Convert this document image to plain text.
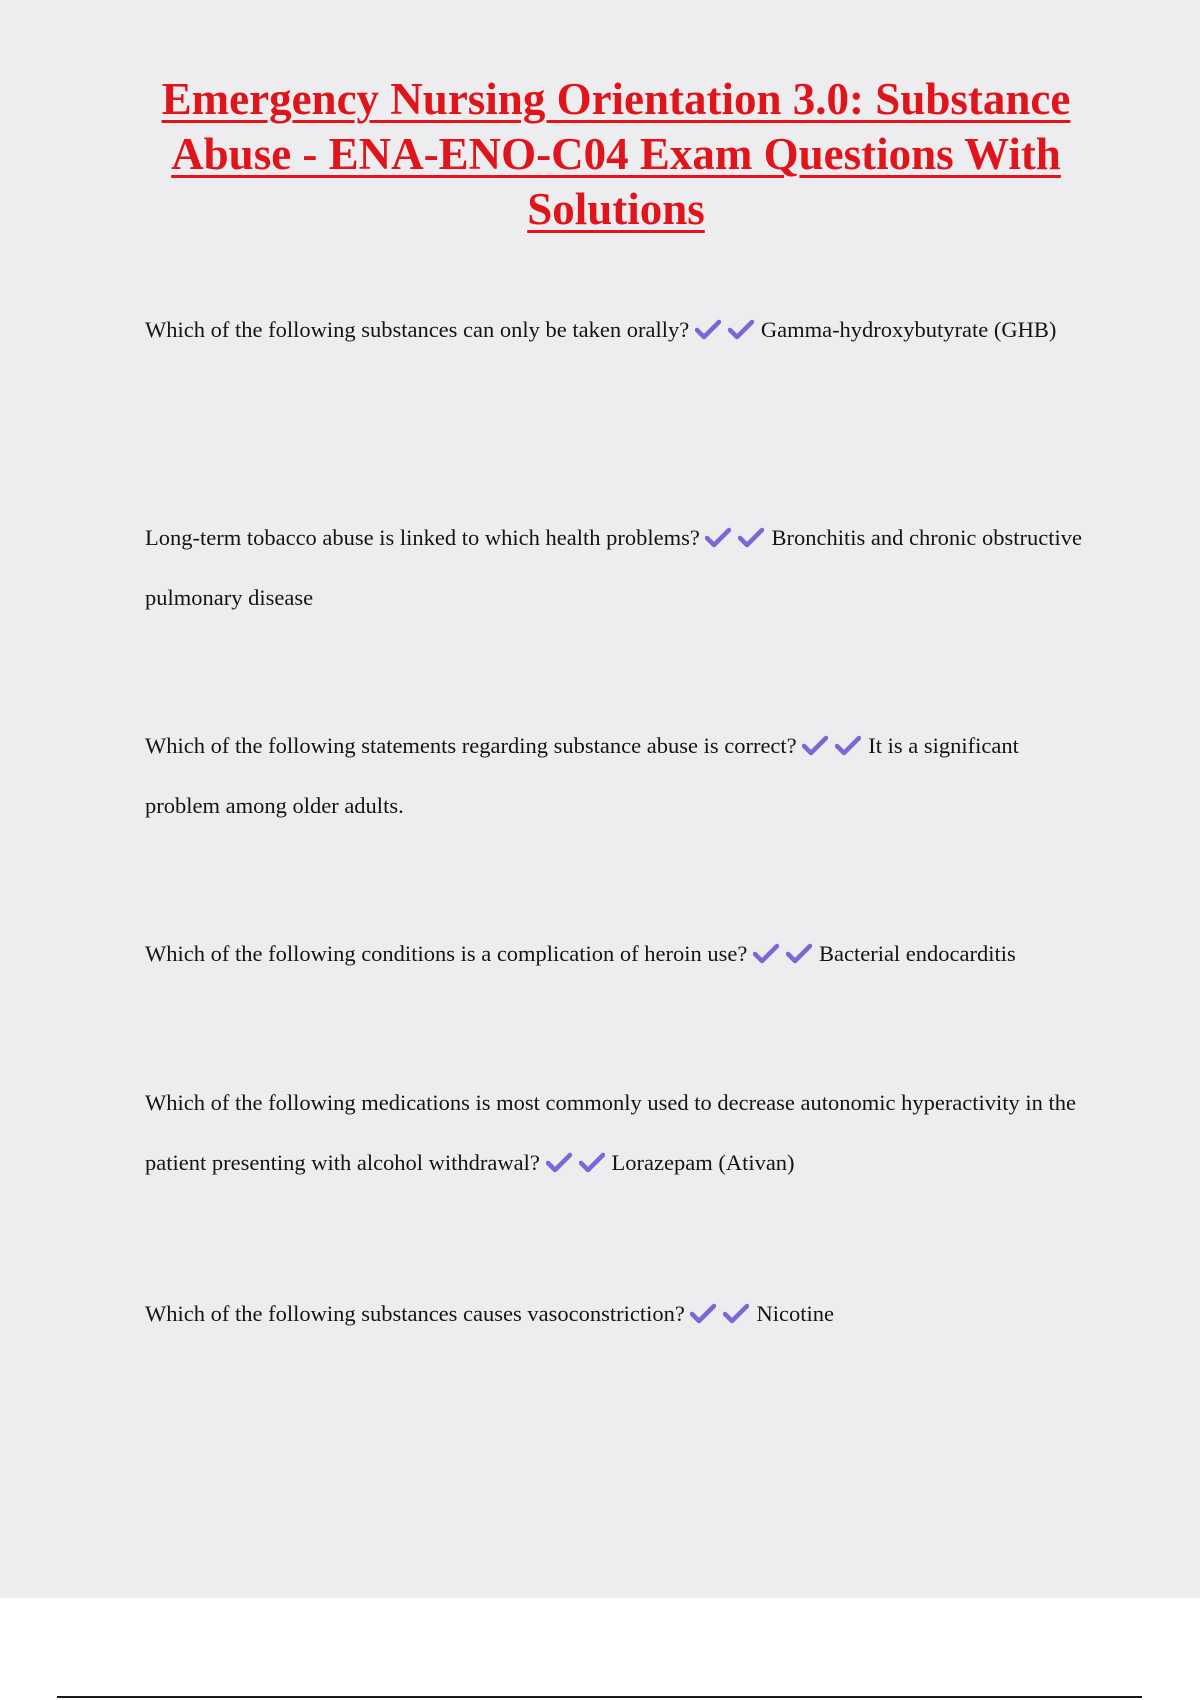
Emergency Nursing Orientation 3.0: Substance Abuse - ENA-ENO-C04 Exam Questions With Solutions

Which of the following substances can only be taken orally?	Gamma-hydroxybutyrate (GHB)

Long-term tobacco abuse is linked to which health problems?	Bronchitis and chronic obstructive pulmonary disease

Which of the following statements regarding substance abuse is correct?	It is a significant problem among older adults.

Which of the following conditions is a complication of heroin use?	Bacterial endocarditis

Which of the following medications is most commonly used to decrease autonomic hyperactivity in the patient presenting with alcohol withdrawal?	Lorazepam (Ativan)

Which of the following substances causes vasoconstriction?	Nicotine
